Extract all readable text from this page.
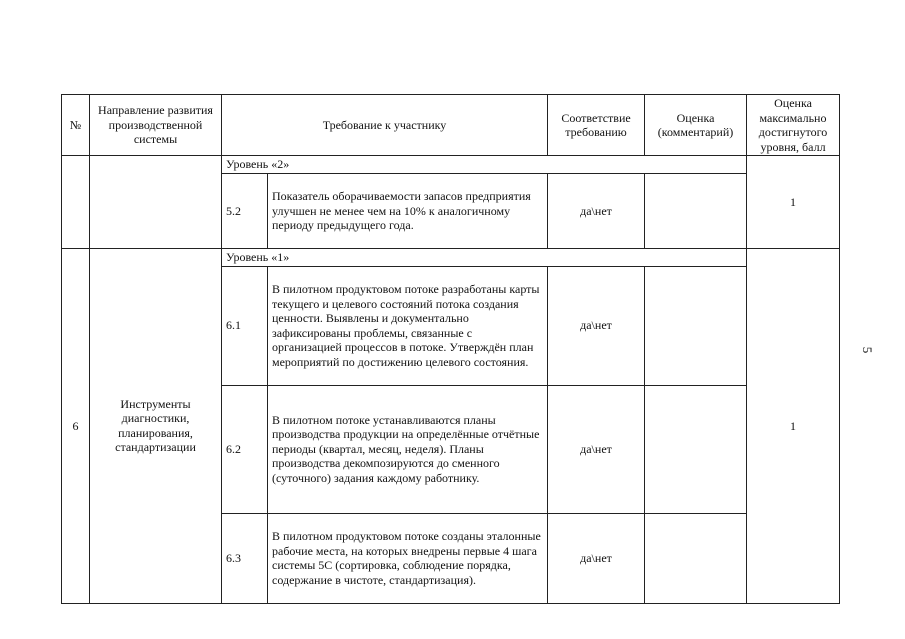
5
№	Направление развития производственной системы	Требование к участнику		Соответствие требованию	Оценка (комментарий)	Оценка максимально достигнутого уровня, балл
		Уровень «2»				1
		5.2	Показатель оборачиваемости запасов предприятия улучшен не менее чем на 10% к аналогичному периоду предыдущего года.	да\нет		
6	Инструменты диагностики, планирования, стандартизации	Уровень «1»				1
		6.1	В пилотном продуктовом потоке разработаны карты текущего и целевого состояний потока создания ценности. Выявлены и документально зафиксированы проблемы, связанные с организацией процессов в потоке. Утверждён план мероприятий по достижению целевого состояния.	да\нет		
		6.2	В пилотном потоке устанавливаются планы производства продукции на определённые отчётные периоды (квартал, месяц, неделя). Планы производства декомпозируются до сменного (суточного) задания каждому работнику.	да\нет		
		6.3	В пилотном продуктовом потоке созданы эталонные рабочие места, на которых внедрены первые 4 шага системы 5С (сортировка, соблюдение порядка, содержание в чистоте, стандартизация).	да\нет		
